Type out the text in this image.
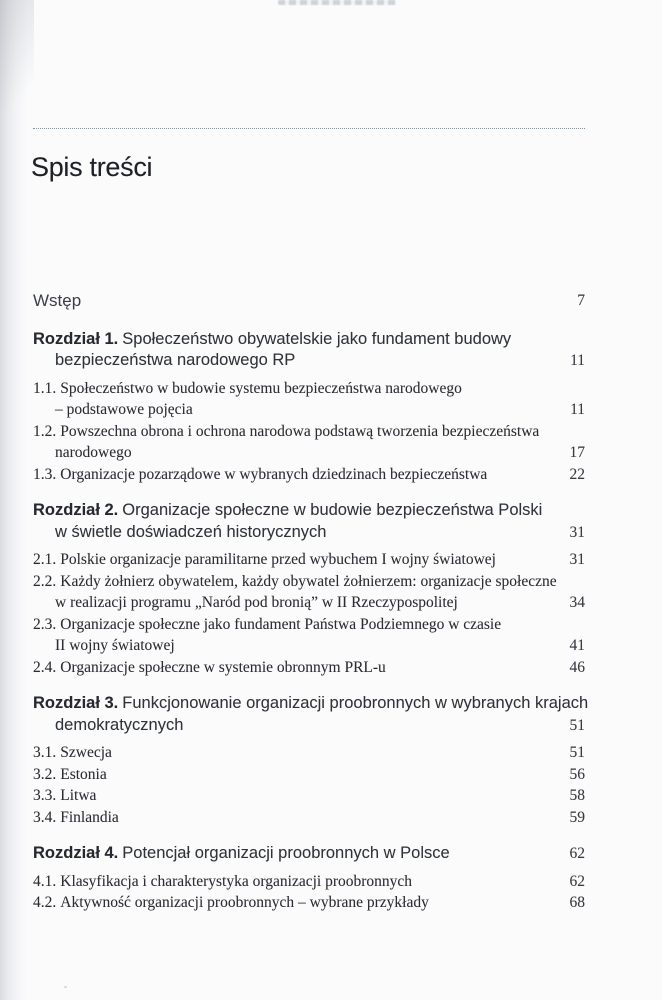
Spis treści
Wstęp	7
Rozdział 1. Społeczeństwo obywatelskie jako fundament budowy
bezpieczeństwa narodowego RP	11
1.1. Społeczeństwo w budowie systemu bezpieczeństwa narodowego
– podstawowe pojęcia	11
1.2. Powszechna obrona i ochrona narodowa podstawą tworzenia bezpieczeństwa
narodowego	17
1.3. Organizacje pozarządowe w wybranych dziedzinach bezpieczeństwa	22
Rozdział 2. Organizacje społeczne w budowie bezpieczeństwa Polski
w świetle doświadczeń historycznych	31
2.1. Polskie organizacje paramilitarne przed wybuchem I wojny światowej	31
2.2. Każdy żołnierz obywatelem, każdy obywatel żołnierzem: organizacje społeczne
w realizacji programu „Naród pod bronią” w II Rzeczypospolitej	34
2.3. Organizacje społeczne jako fundament Państwa Podziemnego w czasie
II wojny światowej	41
2.4. Organizacje społeczne w systemie obronnym PRL-u	46
Rozdział 3. Funkcjonowanie organizacji proobronnych w wybranych krajach
demokratycznych	51
3.1. Szwecja	51
3.2. Estonia	56
3.3. Litwa	58
3.4. Finlandia	59
Rozdział 4. Potencjał organizacji proobronnych w Polsce	62
4.1. Klasyfikacja i charakterystyka organizacji proobronnych	62
4.2. Aktywność organizacji proobronnych – wybrane przykłady	68
